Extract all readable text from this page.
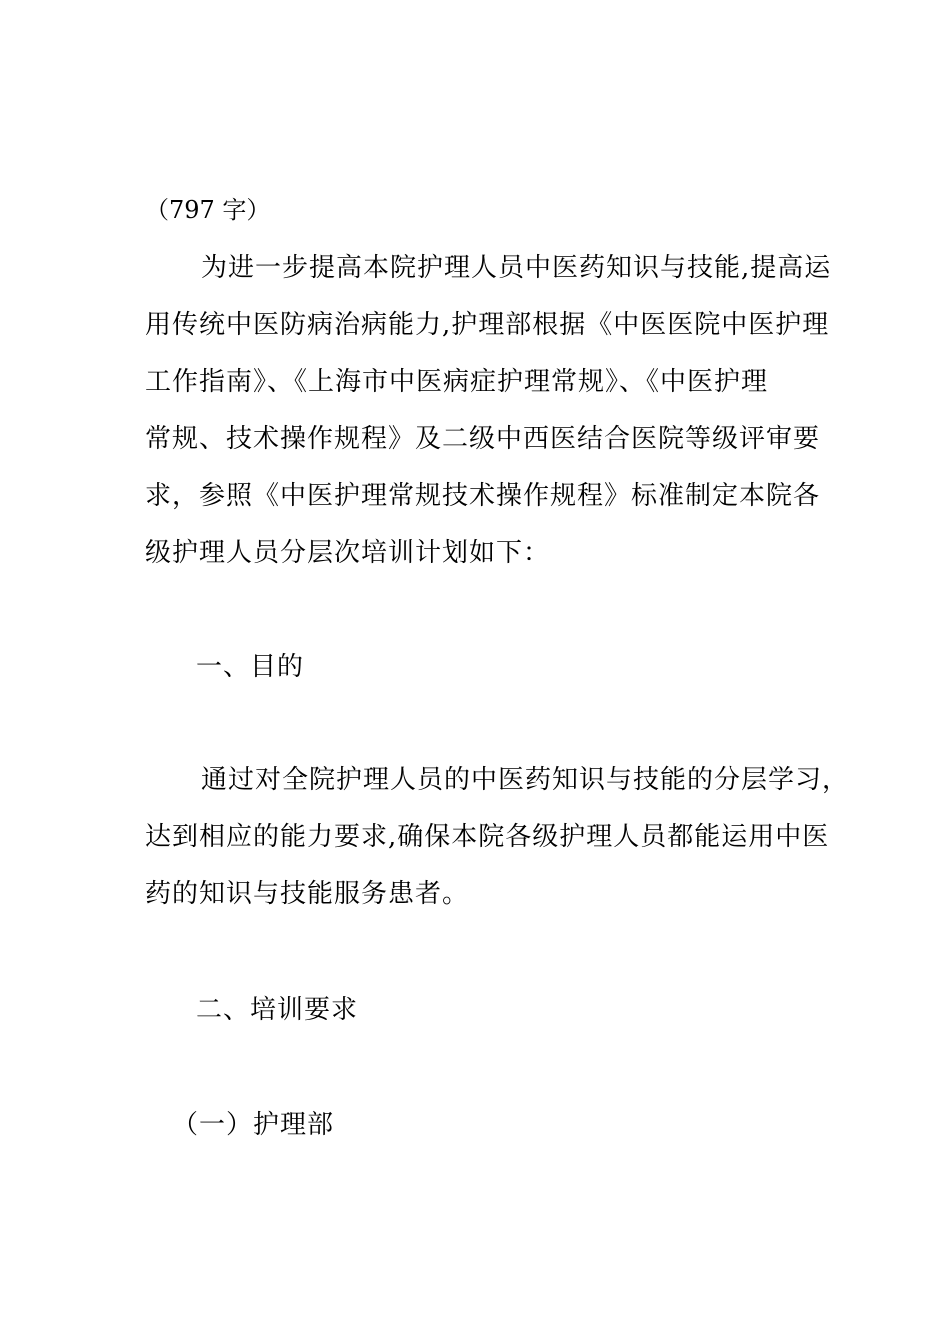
（797 字）
为进一步提高本院护理人员中医药知识与技能,提高运
用传统中医防病治病能力,护理部根据《中医医院中医护理
工作指南》、《上海市中医病症护理常规》、《中医护理
常规、技术操作规程》及二级中西医结合医院等级评审要
求，参照《中医护理常规技术操作规程》标准制定本院各
级护理人员分层次培训计划如下：
一、目的
通过对全院护理人员的中医药知识与技能的分层学习，
达到相应的能力要求,确保本院各级护理人员都能运用中医
药的知识与技能服务患者。
二、培训要求
（一）护理部
